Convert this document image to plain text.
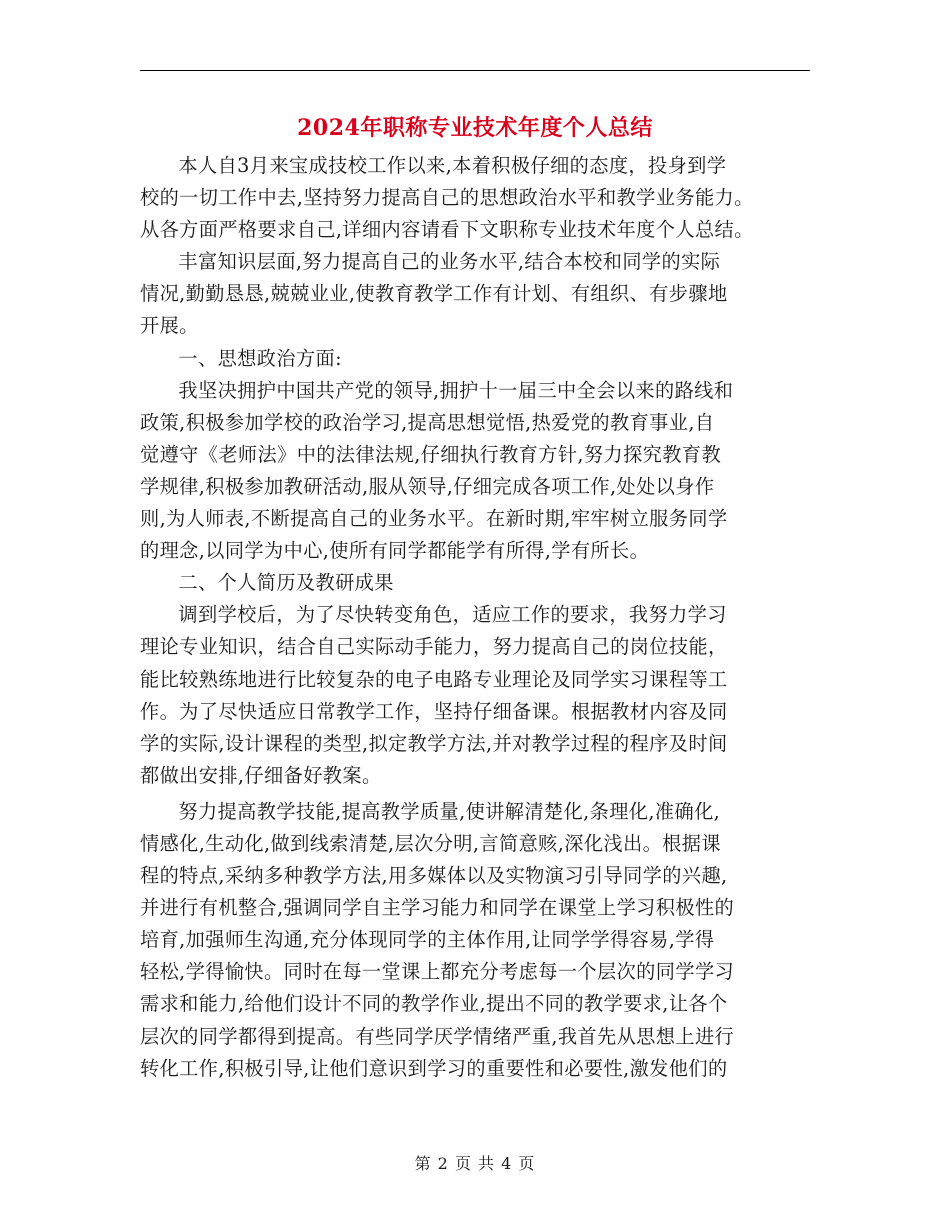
2024年职称专业技术年度个人总结

本人自3月来宝成技校工作以来,本着积极仔细的态度，投身到学
校的一切工作中去,坚持努力提高自己的思想政治水平和教学业务能力。
从各方面严格要求自己,详细内容请看下文职称专业技术年度个人总结。

丰富知识层面,努力提高自己的业务水平,结合本校和同学的实际
情况,勤勤恳恳,兢兢业业,使教育教学工作有计划、有组织、有步骤地
开展。

一、思想政治方面:

我坚决拥护中国共产党的领导,拥护十一届三中全会以来的路线和
政策,积极参加学校的政治学习,提高思想觉悟,热爱党的教育事业,自
觉遵守《老师法》中的法律法规,仔细执行教育方针,努力探究教育教
学规律,积极参加教研活动,服从领导,仔细完成各项工作,处处以身作
则,为人师表,不断提高自己的业务水平。在新时期,牢牢树立服务同学
的理念,以同学为中心,使所有同学都能学有所得,学有所长。

二、个人简历及教研成果

调到学校后，为了尽快转变角色，适应工作的要求，我努力学习
理论专业知识，结合自己实际动手能力，努力提高自己的岗位技能，
能比较熟练地进行比较复杂的电子电路专业理论及同学实习课程等工
作。为了尽快适应日常教学工作，坚持仔细备课。根据教材内容及同
学的实际,设计课程的类型,拟定教学方法,并对教学过程的程序及时间
都做出安排,仔细备好教案。

努力提高教学技能,提高教学质量,使讲解清楚化,条理化,准确化,
情感化,生动化,做到线索清楚,层次分明,言简意赅,深化浅出。根据课
程的特点,采纳多种教学方法,用多媒体以及实物演习引导同学的兴趣,
并进行有机整合,强调同学自主学习能力和同学在课堂上学习积极性的
培育,加强师生沟通,充分体现同学的主体作用,让同学学得容易,学得
轻松,学得愉快。同时在每一堂课上都充分考虑每一个层次的同学学习
需求和能力,给他们设计不同的教学作业,提出不同的教学要求,让各个
层次的同学都得到提高。有些同学厌学情绪严重,我首先从思想上进行
转化工作,积极引导,让他们意识到学习的重要性和必要性,激发他们的

第 2 页 共 4 页
